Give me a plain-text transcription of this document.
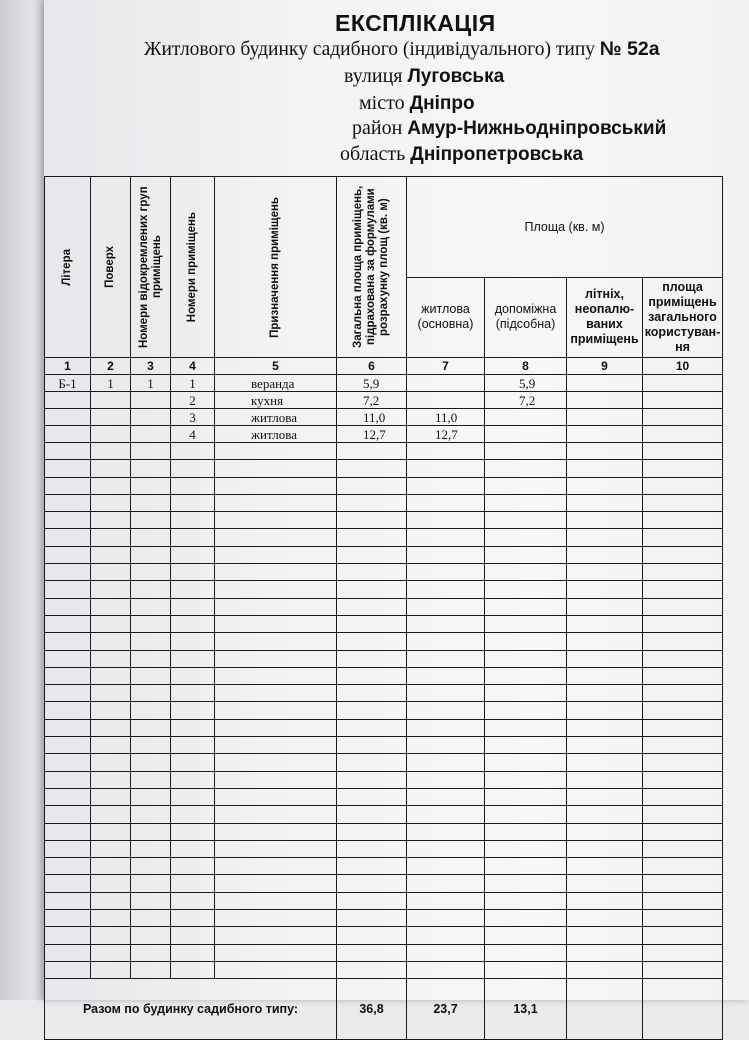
ЕКСПЛІКАЦІЯ
Житлового будинку садибного (індивідуального) типу № 52а
вулиця Луговська
місто Дніпро
район Амур-Нижньодніпровський
область Дніпропетровська
Літера	Поверх	Номери відокремлених груп приміщень	Номери приміщень	Призначення приміщень	Загальна площа приміщень, підрахована за формулами розрахунку площ (кв. м)	Площа (кв. м)			
						житлова (основна)	допоміжна (підсобна)	літніх, неопалю-ваних приміщень	площа приміщень загального користуван-ня
1	2	3	4	5	6	7	8	9	10
Б-1	1	1	1	веранда	5,9		5,9		
			2	кухня	7,2		7,2		
			3	житлова	11,0	11,0			
			4	житлова	12,7	12,7			

Разом по будинку садибного типу:					36,8	23,7	13,1		
